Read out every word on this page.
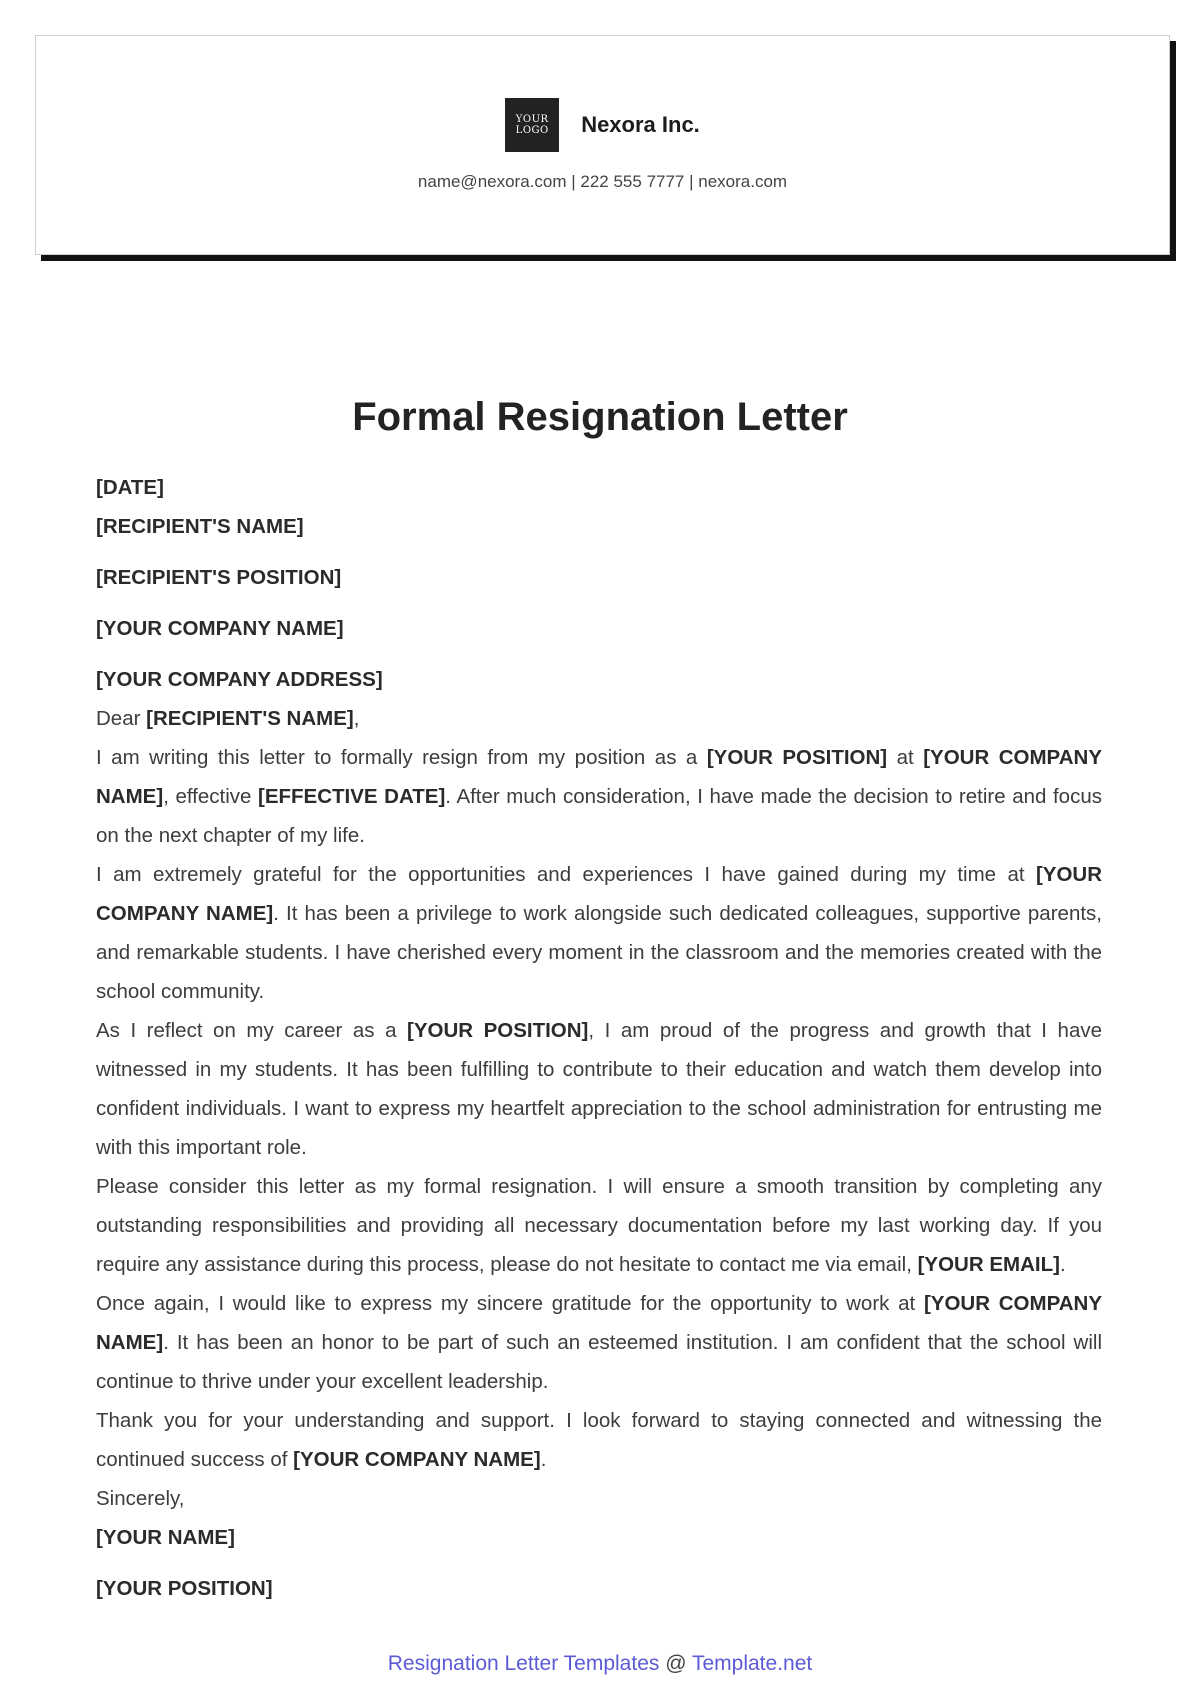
YOUR
LOGO Nexora Inc.
name@nexora.com | 222 555 7777 | nexora.com
Formal Resignation Letter
[DATE]
[RECIPIENT'S NAME]
[RECIPIENT'S POSITION]
[YOUR COMPANY NAME]
[YOUR COMPANY ADDRESS]

Dear [RECIPIENT'S NAME],

I am writing this letter to formally resign from my position as a [YOUR POSITION] at [YOUR COMPANY NAME], effective [EFFECTIVE DATE]. After much consideration, I have made the decision to retire and focus on the next chapter of my life.

I am extremely grateful for the opportunities and experiences I have gained during my time at [YOUR COMPANY NAME]. It has been a privilege to work alongside such dedicated colleagues, supportive parents, and remarkable students. I have cherished every moment in the classroom and the memories created with the school community.

As I reflect on my career as a [YOUR POSITION], I am proud of the progress and growth that I have witnessed in my students. It has been fulfilling to contribute to their education and watch them develop into confident individuals. I want to express my heartfelt appreciation to the school administration for entrusting me with this important role.

Please consider this letter as my formal resignation. I will ensure a smooth transition by completing any outstanding responsibilities and providing all necessary documentation before my last working day. If you require any assistance during this process, please do not hesitate to contact me via email, [YOUR EMAIL].

Once again, I would like to express my sincere gratitude for the opportunity to work at [YOUR COMPANY NAME]. It has been an honor to be part of such an esteemed institution. I am confident that the school will continue to thrive under your excellent leadership.

Thank you for your understanding and support. I look forward to staying connected and witnessing the continued success of [YOUR COMPANY NAME].

Sincerely,

[YOUR NAME]
[YOUR POSITION]
Resignation Letter Templates @ Template.net
